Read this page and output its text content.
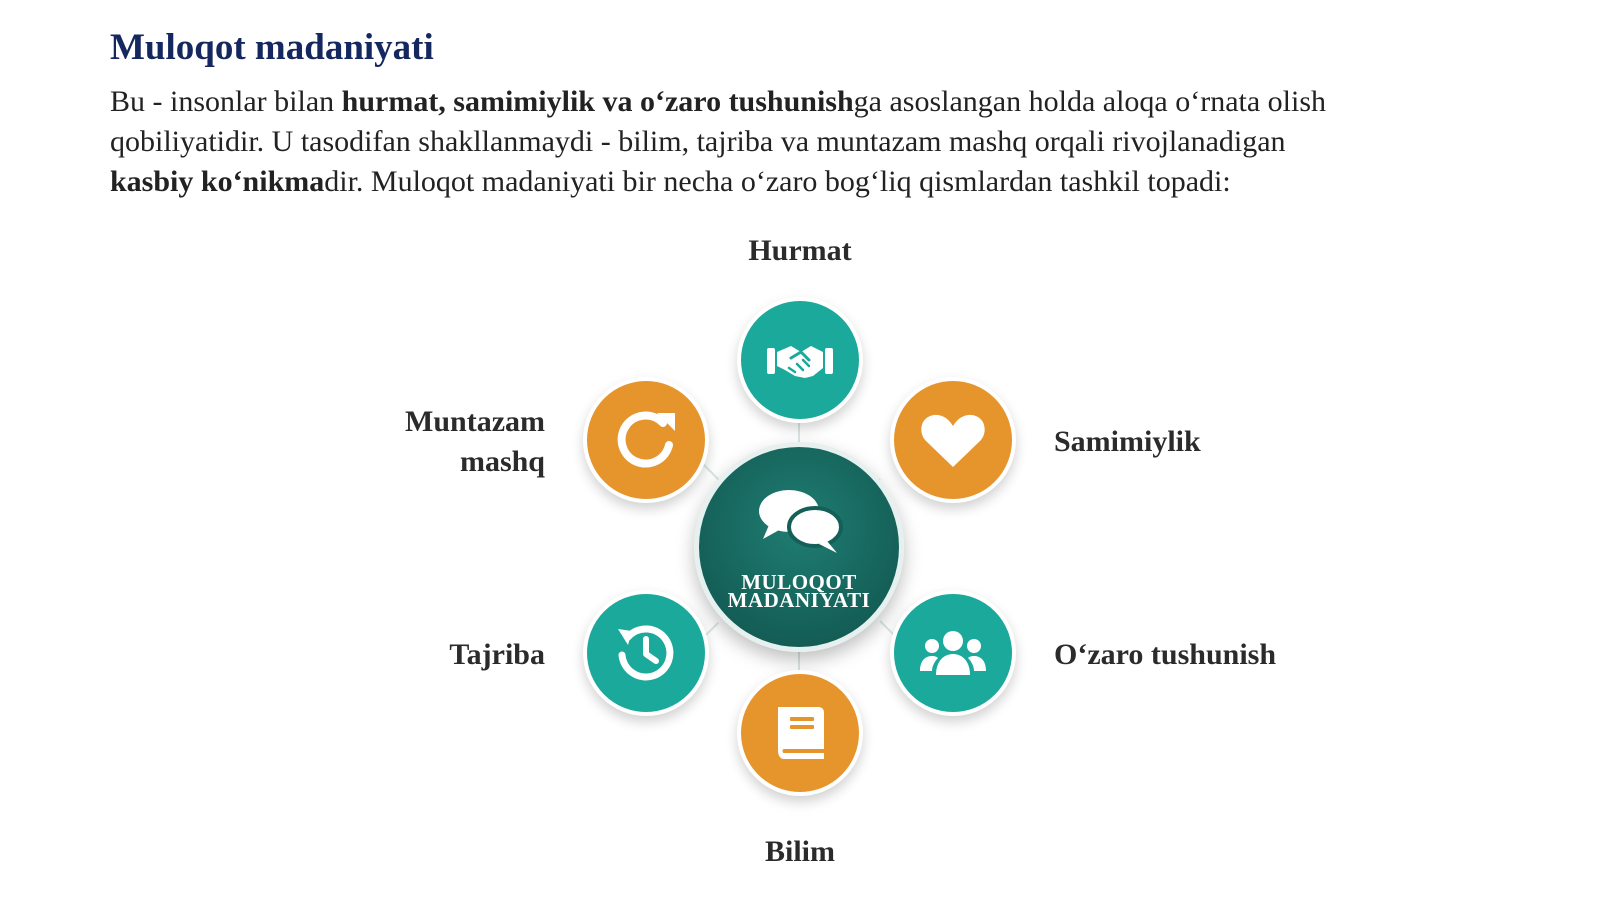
Muloqot madaniyati

Bu - insonlar bilan hurmat, samimiylik va o‘zaro tushunishga asoslangan holda aloqa o‘rnata olish
qobiliyatidir. U tasodifan shakllanmaydi - bilim, tajriba va muntazam mashq orqali rivojlanadigan
kasbiy ko‘nikmadir. Muloqot madaniyati bir necha o‘zaro bog‘liq qismlardan tashkil topadi:

MULOQOT
MADANIYATI
Hurmat
Samimiylik
O‘zaro tushunish
Bilim
Tajriba
Muntazam
mashq
